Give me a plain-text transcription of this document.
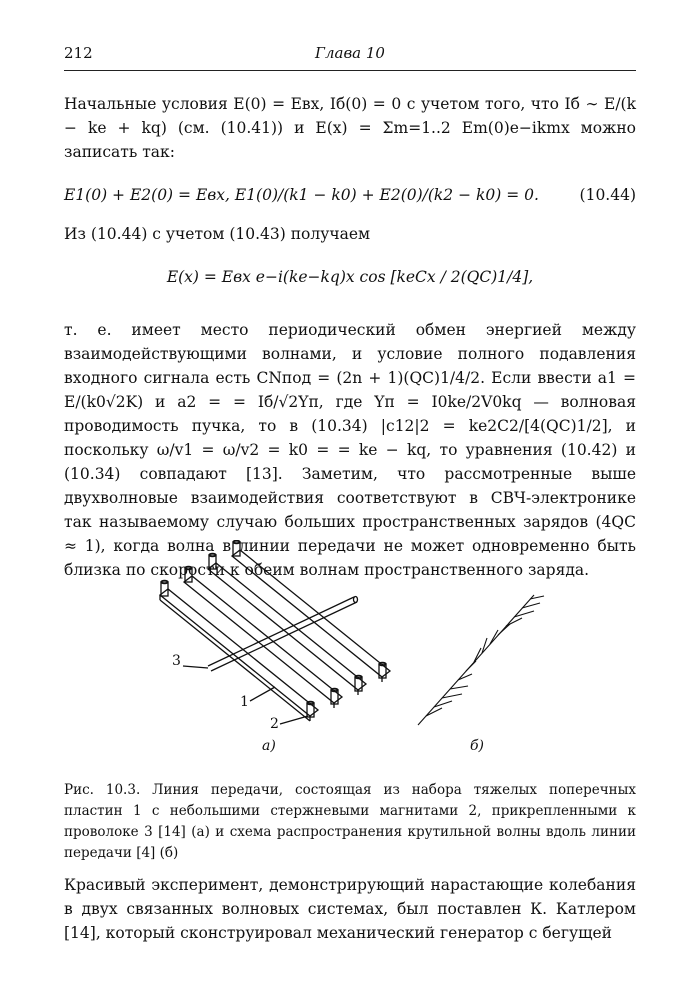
212	Глава 10
Начальные условия E(0) = Eвх, Iб(0) = 0 с учетом того, что Iб ∼ E/(k − ke + kq) (см. (10.41)) и E(x) = Σm=1..2 Em(0)e−ikmx можно записать так:
E1(0) + E2(0) = Eвх, E1(0)/(k1 − k0) + E2(0)/(k2 − k0) = 0.	(10.44)
Из (10.44) с учетом (10.43) получаем
E(x) = Eвх e−i(ke−kq)x cos [keCx / 2(QC)1/4],
т. е. имеет место периодический обмен энергией между взаимодействующими волнами, и условие полного подавления входного сигнала есть CNпод = (2n + 1)(QC)1/4/2. Если ввести a1 = E/(k0√2K) и a2 = = Iб/√2Yп, где Yп = I0ke/2V0kq — волновая проводимость пучка, то в (10.34) |c12|2 = ke2C2/[4(QC)1/2], и поскольку ω/v1 = ω/v2 = k0 = = ke − kq, то уравнения (10.42) и (10.34) совпадают [13]. Заметим, что рассмотренные выше двухволновые взаимодействия соответствуют в СВЧ-электронике так называемому случаю больших пространственных зарядов (4QC ≈ 1), когда волна в линии передачи не может одновременно быть близка по скорости к обеим волнам пространственного заряда.
3
1
2
а)	б)
Рис. 10.3. Линия передачи, состоящая из набора тяжелых поперечных пластин 1 с небольшими стержневыми магнитами 2, прикрепленными к проволоке 3 [14] (а) и схема распространения крутильной волны вдоль линии передачи [4] (б)
Красивый эксперимент, демонстрирующий нарастающие колебания в двух связанных волновых системах, был поставлен К. Катлером [14], который сконструировал механический генератор с бегущей
